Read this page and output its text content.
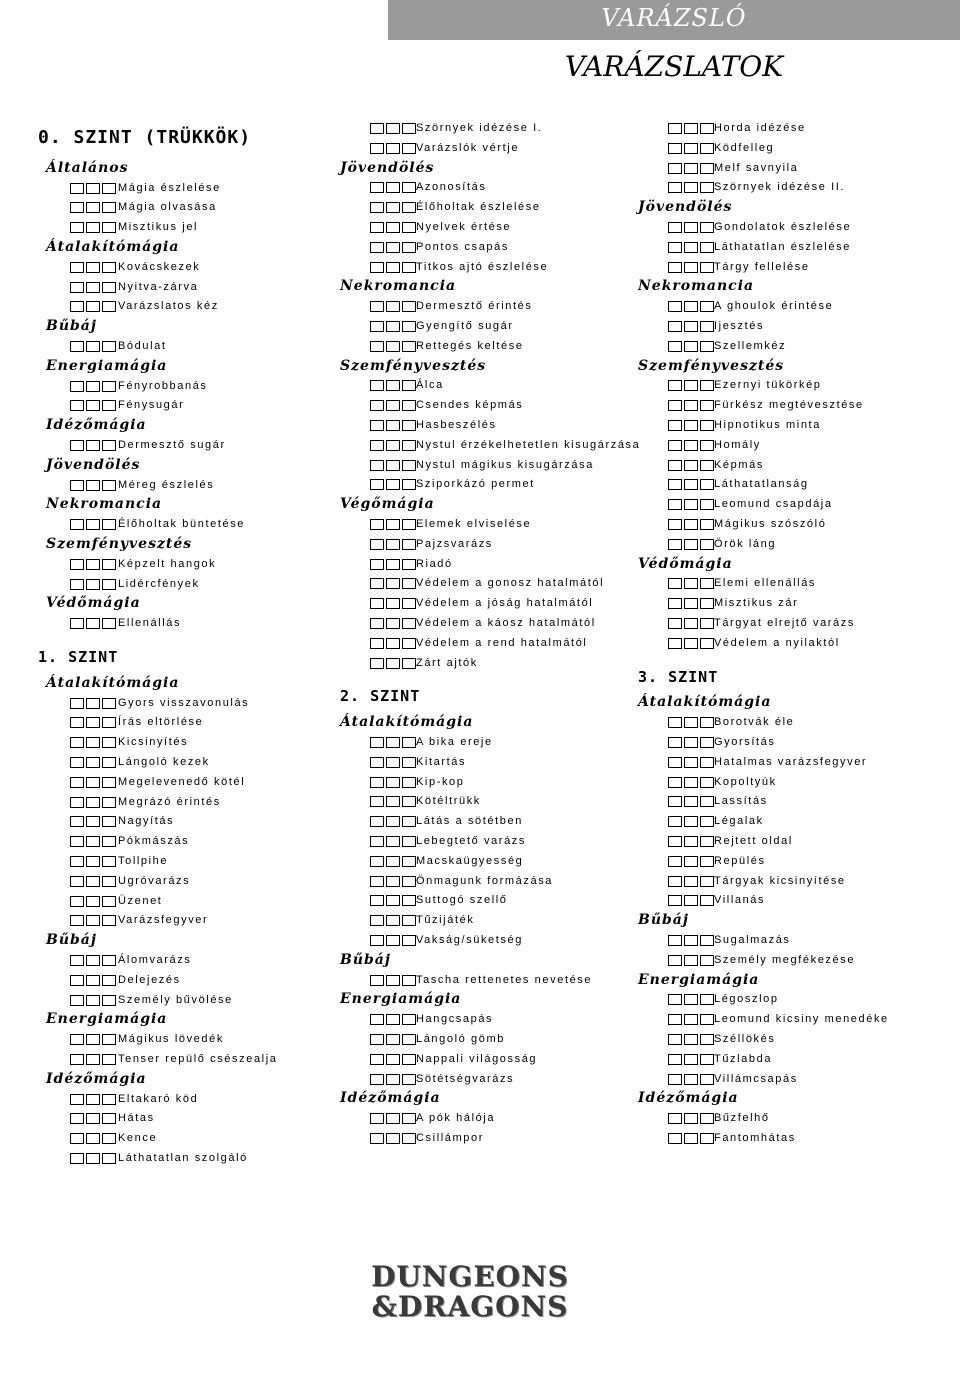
VARÁZSLÓ
VARÁZSLATOK
0. SZINT (TRÜKKÖK)
Általános
Mágia észlelése
Mágia olvasása
Misztikus jel
Átalakítómágia
Kovácskezek
Nyitva-zárva
Varázslatos kéz
Bűbáj
Bódulat
Energiamágia
Fényrobbanás
Fénysugár
Idézőmágia
Dermesztő sugár
Jövendölés
Méreg észlelés
Nekromancia
Élőholtak büntetése
Szemfényvesztés
Képzelt hangok
Lidércfények
Védőmágia
Ellenállás
1. SZINT
Átalakítómágia
Gyors visszavonulás
Írás eltörlése
Kicsinyítés
Lángoló kezek
Megelevenedő kötél
Megrázó érintés
Nagyítás
Pókmászás
Tollpihe
Ugróvarázs
Üzenet
Varázsfegyver
Bűbáj
Álomvarázs
Delejezés
Személy bűvölése
Energiamágia
Mágikus lövedék
Tenser repülő csészealja
Idézőmágia
Eltakaró köd
Hátas
Kence
Láthatatlan szolgáló
Szörnyek idézése I.
Varázslók vértje
Jövendölés
Azonosítás
Élőholtak észlelése
Nyelvek értése
Pontos csapás
Titkos ajtó észlelése
Nekromancia
Dermesztő érintés
Gyengítő sugár
Rettegés keltése
Szemfényvesztés
Álca
Csendes képmás
Hasbeszélés
Nystul érzékelhetetlen kisugárzása
Nystul mágikus kisugárzása
Sziporkázó permet
Végőmágia
Elemek elviselése
Pajzsvarázs
Riadó
Védelem a gonosz hatalmától
Védelem a jóság hatalmától
Védelem a káosz hatalmától
Védelem a rend hatalmától
Zárt ajtók
2. SZINT
Átalakítómágia
A bika ereje
Kitartás
Kip-kop
Kötéltrükk
Látás a sötétben
Lebegtető varázs
Macskaügyesség
Önmagunk formázása
Suttogó szellő
Tűzijáték
Vakság/süketség
Bűbáj
Tascha rettenetes nevetése
Energiamágia
Hangcsapás
Lángoló gömb
Nappali világosság
Sötétségvarázs
Idézőmágia
A pók hálója
Csillámpor
Horda idézése
Ködfelleg
Melf savnyila
Szörnyek idézése II.
Jövendölés
Gondolatok észlelése
Láthatatlan észlelése
Tárgy fellelése
Nekromancia
A ghoulok érintése
Ijesztés
Szellemkéz
Szemfényvesztés
Ezernyi tükörkép
Fürkész megtévesztése
Hipnotikus minta
Homály
Képmás
Láthatatlanság
Leomund csapdája
Mágikus szószóló
Örök láng
Védőmágia
Elemi ellenállás
Misztikus zár
Tárgyat elrejtő varázs
Védelem a nyilaktól
3. SZINT
Átalakítómágia
Borotvák éle
Gyorsítás
Hatalmas varázsfegyver
Kopoltyúk
Lassítás
Légalak
Rejtett oldal
Repülés
Tárgyak kicsinyítése
Villanás
Bűbáj
Sugalmazás
Személy megfékezése
Energiamágia
Légoszlop
Leomund kicsiny menedéke
Széllökés
Tűzlabda
Villámcsapás
Idézőmágia
Bűzfelhő
Fantomhátas
DUNGEONS
&DRAGONS
